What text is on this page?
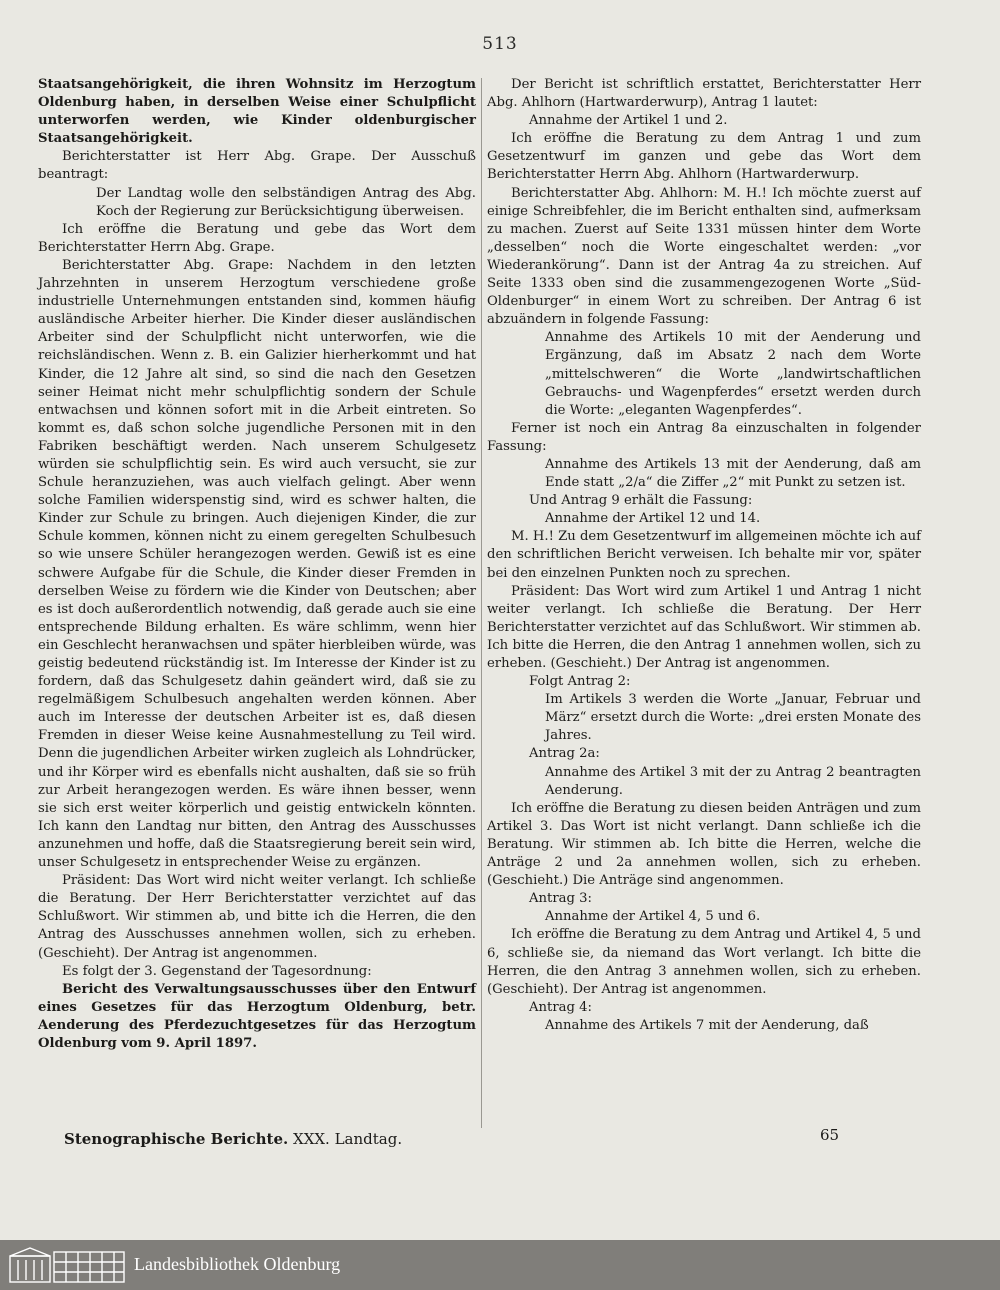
513

Staatsangehörigkeit, die ihren Wohnsitz im Herzogtum Oldenburg haben, in derselben Weise einer Schulpflicht unterworfen werden, wie Kinder oldenburgischer Staatsangehörigkeit.

Berichterstatter ist Herr Abg. Grape. Der Ausschuß beantragt:

Der Landtag wolle den selbständigen Antrag des Abg. Koch der Regierung zur Berücksichtigung überweisen.

Ich eröffne die Beratung und gebe das Wort dem Berichterstatter Herrn Abg. Grape.

Berichterstatter Abg. Grape: Nachdem in den letzten Jahrzehnten in unserem Herzogtum verschiedene große industrielle Unternehmungen entstanden sind, kommen häufig ausländische Arbeiter hierher. Die Kinder dieser ausländischen Arbeiter sind der Schulpflicht nicht unterworfen, wie die reichsländischen. Wenn z. B. ein Galizier hierherkommt und hat Kinder, die 12 Jahre alt sind, so sind die nach den Gesetzen seiner Heimat nicht mehr schulpflichtig sondern der Schule entwachsen und können sofort mit in die Arbeit eintreten. So kommt es, daß schon solche jugendliche Personen mit in den Fabriken beschäftigt werden. Nach unserem Schulgesetz würden sie schulpflichtig sein. Es wird auch versucht, sie zur Schule heranzuziehen, was auch vielfach gelingt. Aber wenn solche Familien widerspenstig sind, wird es schwer halten, die Kinder zur Schule zu bringen. Auch diejenigen Kinder, die zur Schule kommen, können nicht zu einem geregelten Schulbesuch so wie unsere Schüler herangezogen werden. Gewiß ist es eine schwere Aufgabe für die Schule, die Kinder dieser Fremden in derselben Weise zu fördern wie die Kinder von Deutschen; aber es ist doch außerordentlich notwendig, daß gerade auch sie eine entsprechende Bildung erhalten. Es wäre schlimm, wenn hier ein Geschlecht heranwachsen und später hierbleiben würde, was geistig bedeutend rückständig ist. Im Interesse der Kinder ist zu fordern, daß das Schulgesetz dahin geändert wird, daß sie zu regelmäßigem Schulbesuch angehalten werden können. Aber auch im Interesse der deutschen Arbeiter ist es, daß diesen Fremden in dieser Weise keine Ausnahmestellung zu Teil wird. Denn die jugendlichen Arbeiter wirken zugleich als Lohndrücker, und ihr Körper wird es ebenfalls nicht aushalten, daß sie so früh zur Arbeit herangezogen werden. Es wäre ihnen besser, wenn sie sich erst weiter körperlich und geistig entwickeln könnten. Ich kann den Landtag nur bitten, den Antrag des Ausschusses anzunehmen und hoffe, daß die Staatsregierung bereit sein wird, unser Schulgesetz in entsprechender Weise zu ergänzen.

Präsident: Das Wort wird nicht weiter verlangt. Ich schließe die Beratung. Der Herr Berichterstatter verzichtet auf das Schlußwort. Wir stimmen ab, und bitte ich die Herren, die den Antrag des Ausschusses annehmen wollen, sich zu erheben. (Geschieht). Der Antrag ist angenommen.

Es folgt der 3. Gegenstand der Tagesordnung:

Bericht des Verwaltungsausschusses über den Entwurf eines Gesetzes für das Herzogtum Oldenburg, betr. Aenderung des Pferdezuchtgesetzes für das Herzogtum Oldenburg vom 9. April 1897.

Der Bericht ist schriftlich erstattet, Berichterstatter Herr Abg. Ahlhorn (Hartwarderwurp), Antrag 1 lautet:

Annahme der Artikel 1 und 2.

Ich eröffne die Beratung zu dem Antrag 1 und zum Gesetzentwurf im ganzen und gebe das Wort dem Berichterstatter Herrn Abg. Ahlhorn (Hartwarderwurp.

Berichterstatter Abg. Ahlhorn: M. H.! Ich möchte zuerst auf einige Schreibfehler, die im Bericht enthalten sind, aufmerksam zu machen. Zuerst auf Seite 1331 müssen hinter dem Worte „desselben“ noch die Worte eingeschaltet werden: „vor Wiederankörung“. Dann ist der Antrag 4a zu streichen. Auf Seite 1333 oben sind die zusammengezogenen Worte „Süd-Oldenburger“ in einem Wort zu schreiben. Der Antrag 6 ist abzuändern in folgende Fassung:

Annahme des Artikels 10 mit der Aenderung und Ergänzung, daß im Absatz 2 nach dem Worte „mittelschweren“ die Worte „landwirtschaftlichen Gebrauchs- und Wagenpferdes“ ersetzt werden durch die Worte: „eleganten Wagenpferdes“.

Ferner ist noch ein Antrag 8a einzuschalten in folgender Fassung:

Annahme des Artikels 13 mit der Aenderung, daß am Ende statt „2/a“ die Ziffer „2“ mit Punkt zu setzen ist.

Und Antrag 9 erhält die Fassung:

Annahme der Artikel 12 und 14.

M. H.! Zu dem Gesetzentwurf im allgemeinen möchte ich auf den schriftlichen Bericht verweisen. Ich behalte mir vor, später bei den einzelnen Punkten noch zu sprechen.

Präsident: Das Wort wird zum Artikel 1 und Antrag 1 nicht weiter verlangt. Ich schließe die Beratung. Der Herr Berichterstatter verzichtet auf das Schlußwort. Wir stimmen ab. Ich bitte die Herren, die den Antrag 1 annehmen wollen, sich zu erheben. (Geschieht.) Der Antrag ist angenommen.

Folgt Antrag 2:

Im Artikels 3 werden die Worte „Januar, Februar und März“ ersetzt durch die Worte: „drei ersten Monate des Jahres.

Antrag 2a:

Annahme des Artikel 3 mit der zu Antrag 2 beantragten Aenderung.

Ich eröffne die Beratung zu diesen beiden Anträgen und zum Artikel 3. Das Wort ist nicht verlangt. Dann schließe ich die Beratung. Wir stimmen ab. Ich bitte die Herren, welche die Anträge 2 und 2a annehmen wollen, sich zu erheben. (Geschieht.) Die Anträge sind angenommen.

Antrag 3:

Annahme der Artikel 4, 5 und 6.

Ich eröffne die Beratung zu dem Antrag und Artikel 4, 5 und 6, schließe sie, da niemand das Wort verlangt. Ich bitte die Herren, die den Antrag 3 annehmen wollen, sich zu erheben. (Geschieht). Der Antrag ist angenommen.

Antrag 4:

Annahme des Artikels 7 mit der Aenderung, daß

Stenographische Berichte. XXX. Landtag.	65
Landesbibliothek Oldenburg
